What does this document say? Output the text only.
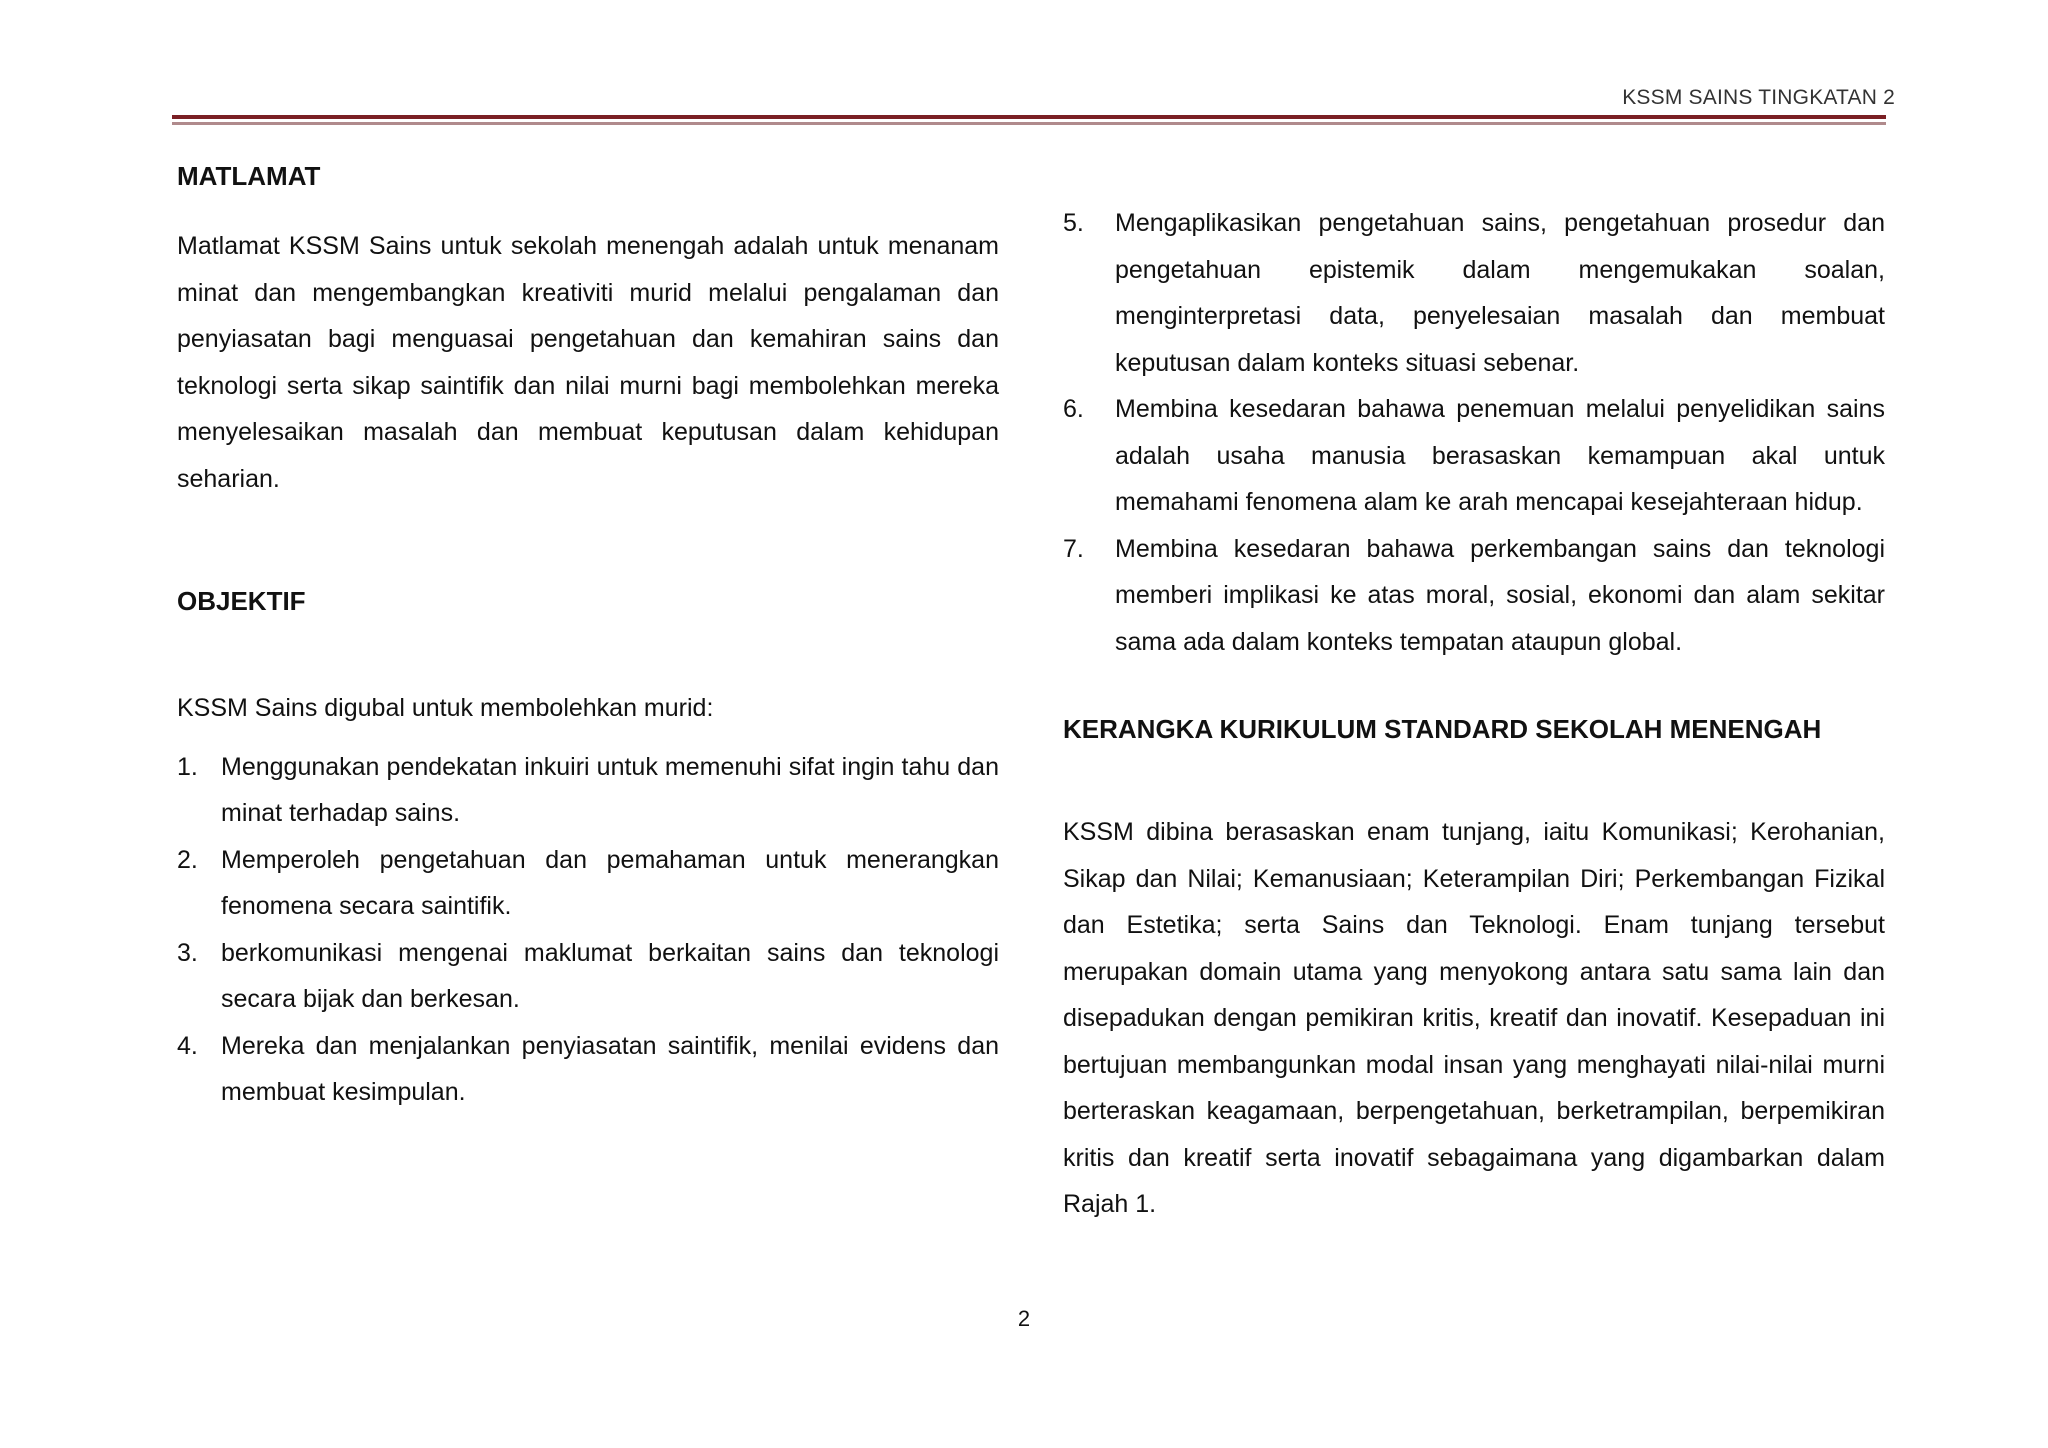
KSSM SAINS TINGKATAN 2
MATLAMAT

Matlamat KSSM Sains untuk sekolah menengah adalah untuk menanam minat dan mengembangkan kreativiti murid melalui pengalaman dan penyiasatan bagi menguasai pengetahuan dan kemahiran sains dan teknologi serta sikap saintifik dan nilai murni bagi membolehkan mereka menyelesaikan masalah dan membuat keputusan dalam kehidupan seharian.

OBJEKTIF

KSSM Sains digubal untuk membolehkan murid:

1. Menggunakan pendekatan inkuiri untuk memenuhi sifat ingin tahu dan minat terhadap sains.
2. Memperoleh pengetahuan dan pemahaman untuk menerangkan fenomena secara saintifik.
3. berkomunikasi mengenai maklumat berkaitan sains dan teknologi secara bijak dan berkesan.
4. Mereka dan menjalankan penyiasatan saintifik, menilai evidens dan membuat kesimpulan.
5. Mengaplikasikan pengetahuan sains, pengetahuan prosedur dan pengetahuan epistemik dalam mengemukakan soalan, menginterpretasi data, penyelesaian masalah dan membuat keputusan dalam konteks situasi sebenar.
6. Membina kesedaran bahawa penemuan melalui penyelidikan sains adalah usaha manusia berasaskan kemampuan akal untuk memahami fenomena alam ke arah mencapai kesejahteraan hidup.
7. Membina kesedaran bahawa perkembangan sains dan teknologi memberi implikasi ke atas moral, sosial, ekonomi dan alam sekitar sama ada dalam konteks tempatan ataupun global.
KERANGKA KURIKULUM STANDARD SEKOLAH MENENGAH

KSSM dibina berasaskan enam tunjang, iaitu Komunikasi; Kerohanian, Sikap dan Nilai; Kemanusiaan; Keterampilan Diri; Perkembangan Fizikal dan Estetika; serta Sains dan Teknologi. Enam tunjang tersebut merupakan domain utama yang menyokong antara satu sama lain dan disepadukan dengan pemikiran kritis, kreatif dan inovatif. Kesepaduan ini bertujuan membangunkan modal insan yang menghayati nilai-nilai murni berteraskan keagamaan, berpengetahuan, berketrampilan, berpemikiran kritis dan kreatif serta inovatif sebagaimana yang digambarkan dalam Rajah 1.

2
